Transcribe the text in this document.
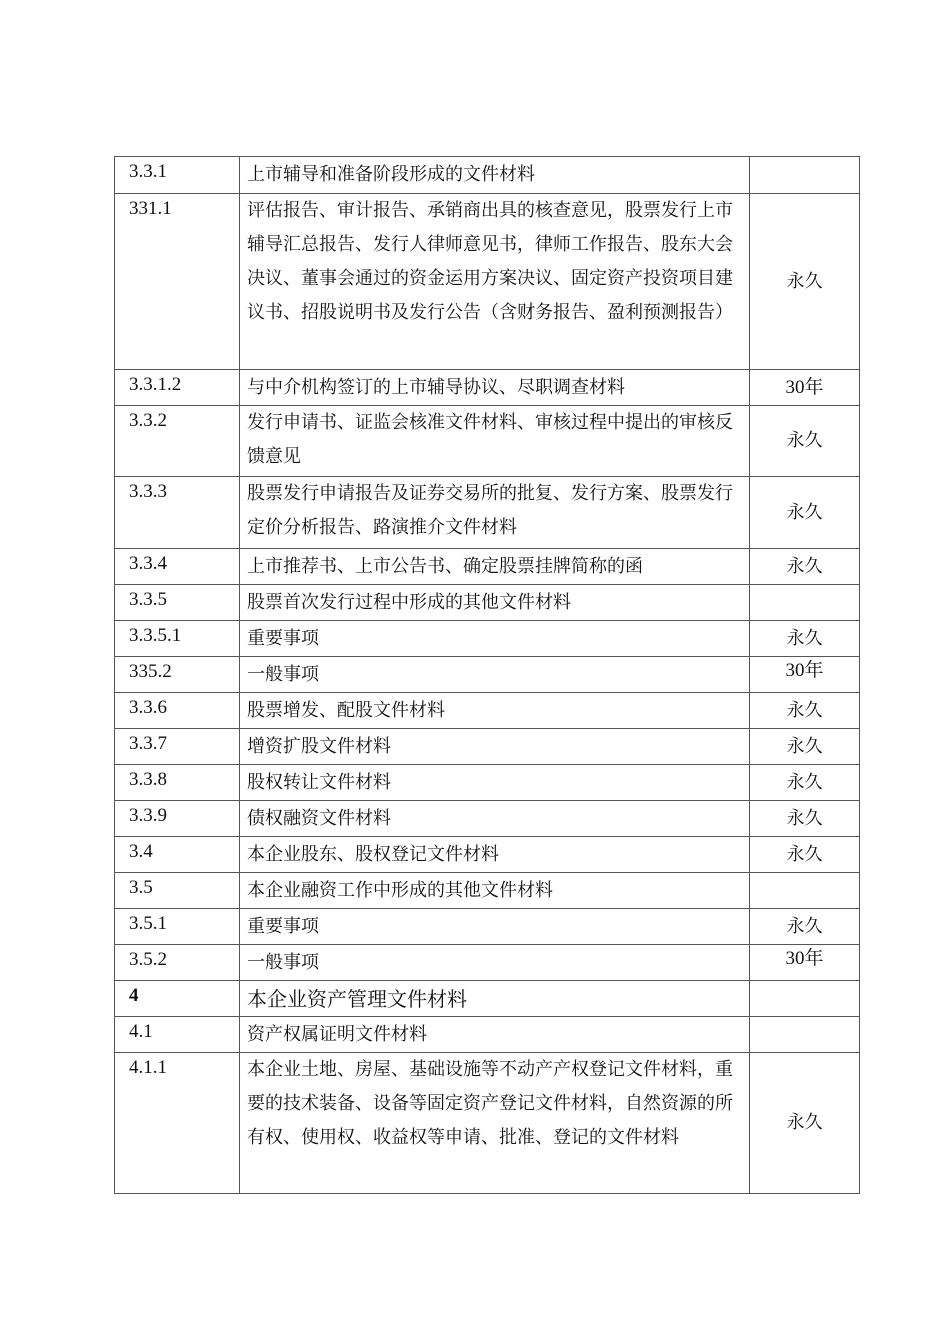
3.3.1	上市辅导和准备阶段形成的文件材料	
331.1	评估报告、审计报告、承销商出具的核查意见，股票发行上市辅导汇总报告、发行人律师意见书，律师工作报告、股东大会决议、董事会通过的资金运用方案决议、固定资产投资项目建议书、招股说明书及发行公告（含财务报告、盈利预测报告）	永久
3.3.1.2	与中介机构签订的上市辅导协议、尽职调查材料	30年
3.3.2	发行申请书、证监会核准文件材料、审核过程中提出的审核反馈意见	永久
3.3.3	股票发行申请报告及证券交易所的批复、发行方案、股票发行定价分析报告、路演推介文件材料	永久
3.3.4	上市推荐书、上市公告书、确定股票挂牌简称的函	永久
3.3.5	股票首次发行过程中形成的其他文件材料	
3.3.5.1	重要事项	永久
335.2	一般事项	30年
3.3.6	股票增发、配股文件材料	永久
3.3.7	增资扩股文件材料	永久
3.3.8	股权转让文件材料	永久
3.3.9	债权融资文件材料	永久
3.4	本企业股东、股权登记文件材料	永久
3.5	本企业融资工作中形成的其他文件材料	
3.5.1	重要事项	永久
3.5.2	一般事项	30年
4	本企业资产管理文件材料	
4.1	资产权属证明文件材料	
4.1.1	本企业土地、房屋、基础设施等不动产产权登记文件材料，重要的技术装备、设备等固定资产登记文件材料，自然资源的所有权、使用权、收益权等申请、批准、登记的文件材料	永久
